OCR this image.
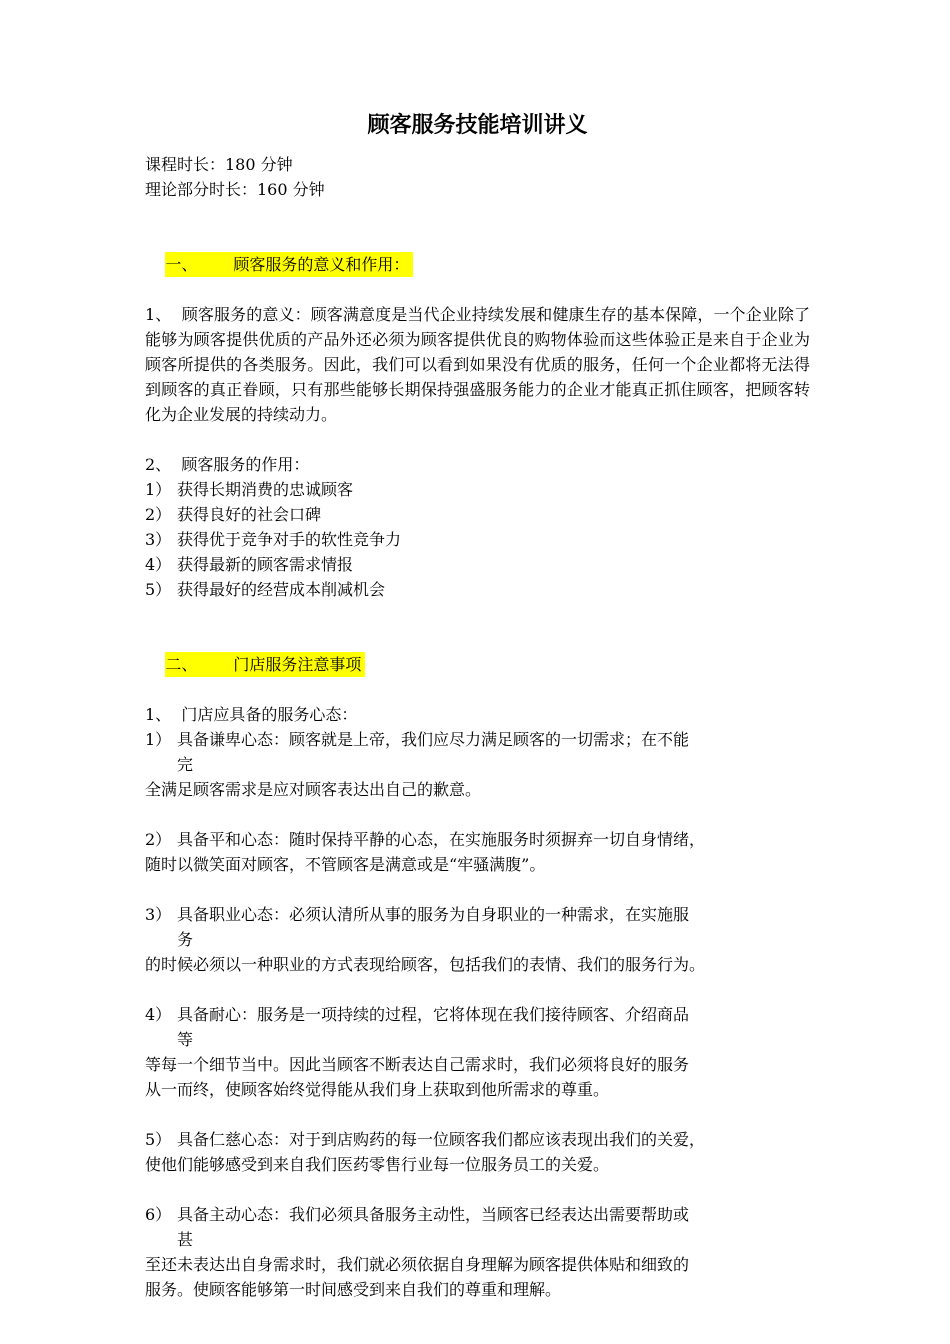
顾客服务技能培训讲义
课程时长：180 分钟
理论部分时长：160 分钟

一、 顾客服务的意义和作用：

1、 顾客服务的意义：顾客满意度是当代企业持续发展和健康生存的基本保障，一个企业除了能够为顾客提供优质的产品外还必须为顾客提供优良的购物体验而这些体验正是来自于企业为顾客所提供的各类服务。因此，我们可以看到如果没有优质的服务，任何一个企业都将无法得到顾客的真正眷顾，只有那些能够长期保持强盛服务能力的企业才能真正抓住顾客，把顾客转化为企业发展的持续动力。
2、 顾客服务的作用：
1） 获得长期消费的忠诚顾客
2） 获得良好的社会口碑
3） 获得优于竞争对手的软性竞争力
4） 获得最新的顾客需求情报
5） 获得最好的经营成本削减机会

二、 门店服务注意事项

1、 门店应具备的服务心态：
1） 具备谦卑心态：顾客就是上帝，我们应尽力满足顾客的一切需求；在不能
完
全满足顾客需求是应对顾客表达出自己的歉意。
2） 具备平和心态：随时保持平静的心态，在实施服务时须摒弃一切自身情绪，
随时以微笑面对顾客，不管顾客是满意或是“牢骚满腹”。
3） 具备职业心态：必须认清所从事的服务为自身职业的一种需求，在实施服
务
的时候必须以一种职业的方式表现给顾客，包括我们的表情、我们的服务行为。
4） 具备耐心：服务是一项持续的过程，它将体现在我们接待顾客、介绍商品
等
等每一个细节当中。因此当顾客不断表达自己需求时，我们必须将良好的服务
从一而终，使顾客始终觉得能从我们身上获取到他所需求的尊重。
5） 具备仁慈心态：对于到店购药的每一位顾客我们都应该表现出我们的关爱，
使他们能够感受到来自我们医药零售行业每一位服务员工的关爱。
6） 具备主动心态：我们必须具备服务主动性，当顾客已经表达出需要帮助或
甚
至还未表达出自身需求时，我们就必须依据自身理解为顾客提供体贴和细致的
服务。使顾客能够第一时间感受到来自我们的尊重和理解。
